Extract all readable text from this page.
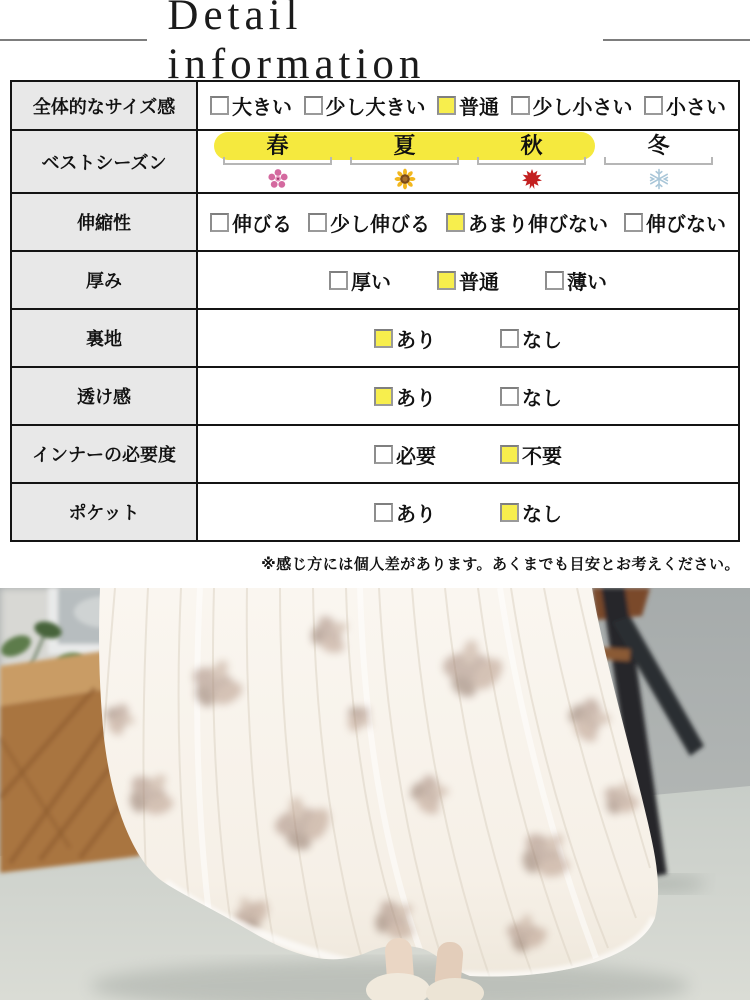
Detail information
全体的なサイズ感	大きい 少し大きい 普通 少し小さい 小さい

ベストシーズン	春 夏 秋 冬

伸縮性	伸びる 少し伸びる あまり伸びない 伸びない

厚み	厚い 普通 薄い

裏地	あり なし

透け感	あり なし

インナーの必要度	必要 不要

ポケット	あり なし
※感じ方には個人差があります。あくまでも目安とお考えください。
